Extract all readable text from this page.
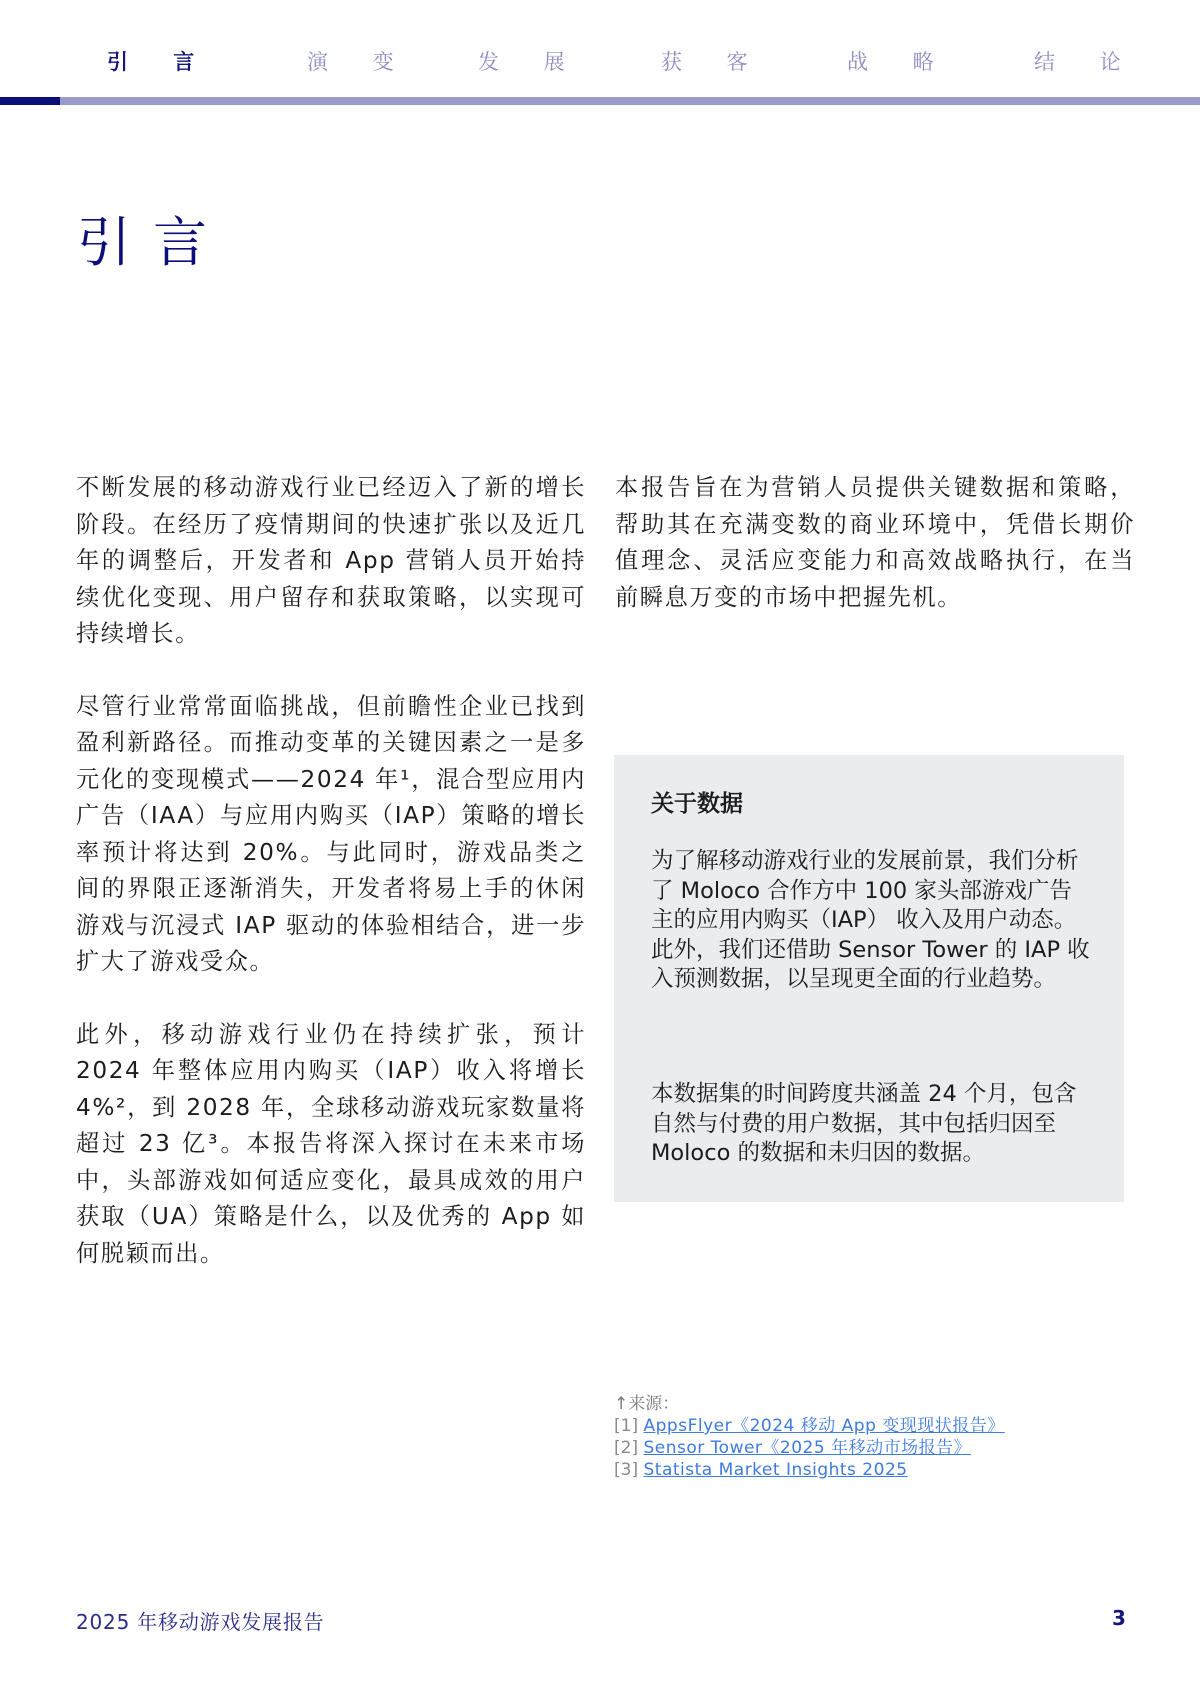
引 言	演 变	发 展	获 客	战 略	结 论
引言

不断发展的移动游戏行业已经迈入了新的增长阶段。在经历了疫情期间的快速扩张以及近几年的调整后，开发者和 App 营销人员开始持续优化变现、用户留存和获取策略，以实现可持续增长。

尽管行业常常面临挑战，但前瞻性企业已找到盈利新路径。而推动变革的关键因素之一是多元化的变现模式——2024 年¹，混合型应用内广告（IAA）与应用内购买（IAP）策略的增长率预计将达到 20%。与此同时，游戏品类之间的界限正逐渐消失，开发者将易上手的休闲游戏与沉浸式 IAP 驱动的体验相结合，进一步扩大了游戏受众。

此外，移动游戏行业仍在持续扩张，预计 2024 年整体应用内购买（IAP）收入将增长 4%²，到 2028 年，全球移动游戏玩家数量将超过 23 亿³。本报告将深入探讨在未来市场中，头部游戏如何适应变化，最具成效的用户获取（UA）策略是什么，以及优秀的 App 如何脱颖而出。

本报告旨在为营销人员提供关键数据和策略，帮助其在充满变数的商业环境中，凭借长期价值理念、灵活应变能力和高效战略执行，在当前瞬息万变的市场中把握先机。

关于数据

为了解移动游戏行业的发展前景，我们分析了 Moloco 合作方中 100 家头部游戏广告主的应用内购买（IAP） 收入及用户动态。此外，我们还借助 Sensor Tower 的 IAP 收入预测数据，以呈现更全面的行业趋势。

本数据集的时间跨度共涵盖 24 个月，包含自然与付费的用户数据，其中包括归因至 Moloco 的数据和未归因的数据。

↑来源：
[1] AppsFlyer《2024 移动 App 变现现状报告》
[2] Sensor Tower《2025 年移动市场报告》
[3] Statista Market Insights 2025
2025 年移动游戏发展报告	3
